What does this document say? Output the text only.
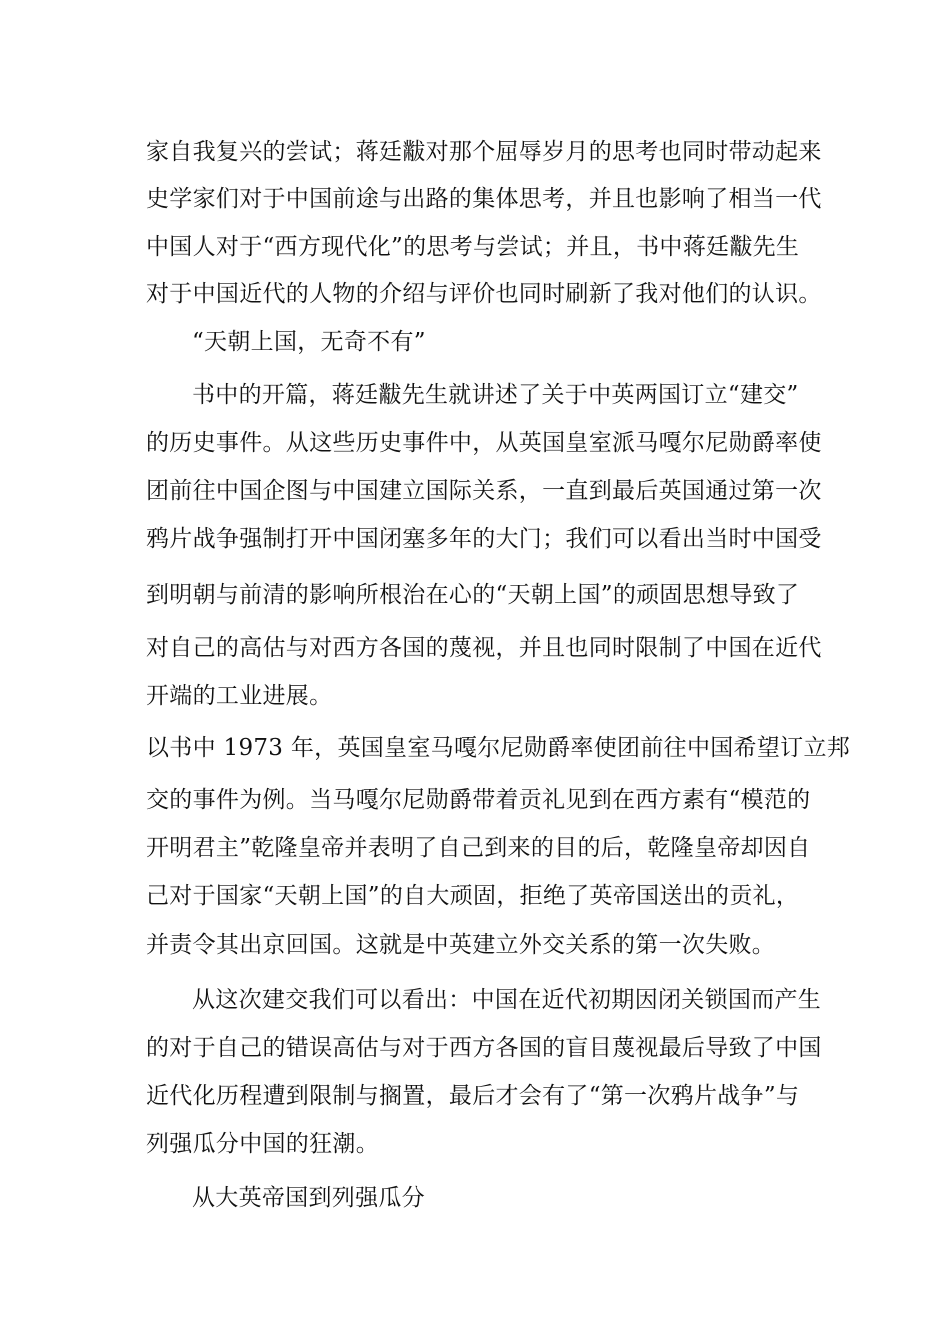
家自我复兴的尝试；蒋廷黻对那个屈辱岁月的思考也同时带动起来
史学家们对于中国前途与出路的集体思考，并且也影响了相当一代
中国人对于“西方现代化”的思考与尝试；并且，书中蒋廷黻先生
对于中国近代的人物的介绍与评价也同时刷新了我对他们的认识。
“天朝上国，无奇不有”
书中的开篇，蒋廷黻先生就讲述了关于中英两国订立“建交”
的历史事件。从这些历史事件中，从英国皇室派马嘎尔尼勋爵率使
团前往中国企图与中国建立国际关系，一直到最后英国通过第一次
鸦片战争强制打开中国闭塞多年的大门；我们可以看出当时中国受
到明朝与前清的影响所根治在心的“天朝上国”的顽固思想导致了
对自己的高估与对西方各国的蔑视，并且也同时限制了中国在近代
开端的工业进展。
以书中 1973 年，英国皇室马嘎尔尼勋爵率使团前往中国希望订立邦
交的事件为例。当马嘎尔尼勋爵带着贡礼见到在西方素有“模范的
开明君主”乾隆皇帝并表明了自己到来的目的后，乾隆皇帝却因自
己对于国家“天朝上国”的自大顽固，拒绝了英帝国送出的贡礼，
并责令其出京回国。这就是中英建立外交关系的第一次失败。
从这次建交我们可以看出：中国在近代初期因闭关锁国而产生
的对于自己的错误高估与对于西方各国的盲目蔑视最后导致了中国
近代化历程遭到限制与搁置，最后才会有了“第一次鸦片战争”与
列强瓜分中国的狂潮。
从大英帝国到列强瓜分
